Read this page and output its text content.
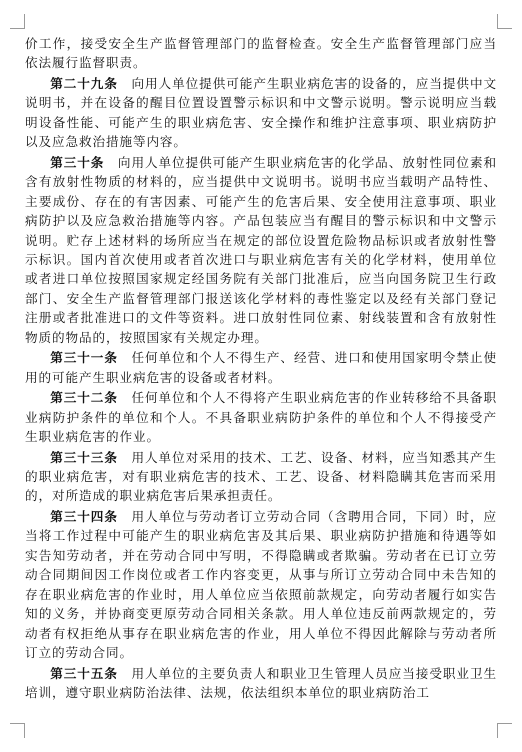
价工作，接受安全生产监督管理部门的监督检查。安全生产监督管理部门应当依法履行监督职责。

第二十九条　向用人单位提供可能产生职业病危害的设备的，应当提供中文说明书，并在设备的醒目位置设置警示标识和中文警示说明。警示说明应当载明设备性能、可能产生的职业病危害、安全操作和维护注意事项、职业病防护以及应急救治措施等内容。

第三十条　向用人单位提供可能产生职业病危害的化学品、放射性同位素和含有放射性物质的材料的，应当提供中文说明书。说明书应当载明产品特性、主要成份、存在的有害因素、可能产生的危害后果、安全使用注意事项、职业病防护以及应急救治措施等内容。产品包装应当有醒目的警示标识和中文警示说明。贮存上述材料的场所应当在规定的部位设置危险物品标识或者放射性警示标识。国内首次使用或者首次进口与职业病危害有关的化学材料，使用单位或者进口单位按照国家规定经国务院有关部门批准后，应当向国务院卫生行政部门、安全生产监督管理部门报送该化学材料的毒性鉴定以及经有关部门登记注册或者批准进口的文件等资料。进口放射性同位素、射线装置和含有放射性物质的物品的，按照国家有关规定办理。

第三十一条　任何单位和个人不得生产、经营、进口和使用国家明令禁止使用的可能产生职业病危害的设备或者材料。

第三十二条　任何单位和个人不得将产生职业病危害的作业转移给不具备职业病防护条件的单位和个人。不具备职业病防护条件的单位和个人不得接受产生职业病危害的作业。

第三十三条　用人单位对采用的技术、工艺、设备、材料，应当知悉其产生的职业病危害，对有职业病危害的技术、工艺、设备、材料隐瞒其危害而采用的，对所造成的职业病危害后果承担责任。

第三十四条　用人单位与劳动者订立劳动合同（含聘用合同，下同）时，应当将工作过程中可能产生的职业病危害及其后果、职业病防护措施和待遇等如实告知劳动者，并在劳动合同中写明，不得隐瞒或者欺骗。劳动者在已订立劳动合同期间因工作岗位或者工作内容变更，从事与所订立劳动合同中未告知的存在职业病危害的作业时，用人单位应当依照前款规定，向劳动者履行如实告知的义务，并协商变更原劳动合同相关条款。用人单位违反前两款规定的，劳动者有权拒绝从事存在职业病危害的作业，用人单位不得因此解除与劳动者所订立的劳动合同。

第三十五条　用人单位的主要负责人和职业卫生管理人员应当接受职业卫生培训，遵守职业病防治法律、法规，依法组织本单位的职业病防治工
